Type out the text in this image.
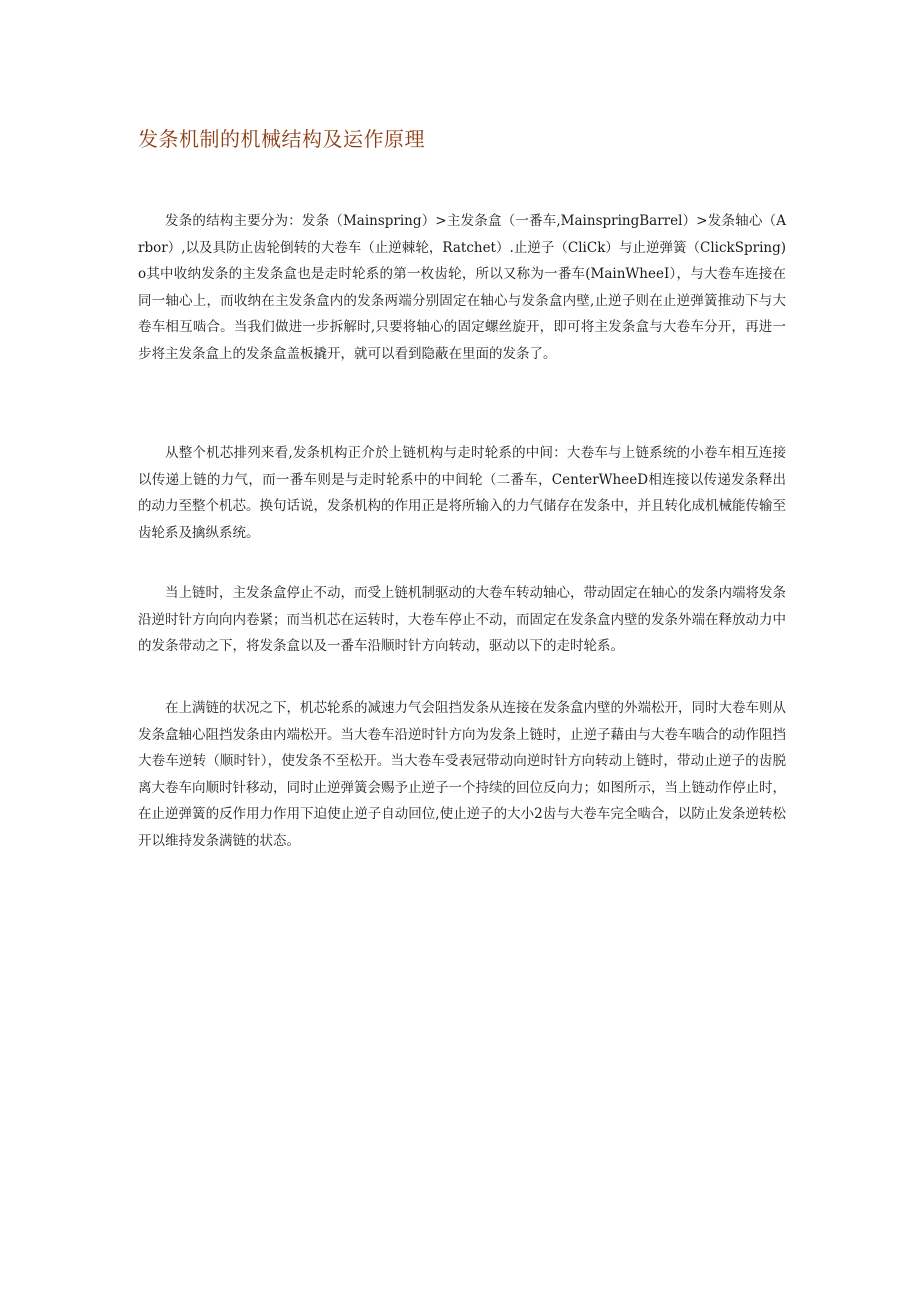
发条机制的机械结构及运作原理

发条的结构主要分为：发条（Mainspring）>主发条盒（一番车,MainspringBarrel）>发条轴心（Arbor）,以及具防止齿轮倒转的大卷车（止逆棘轮，Ratchet）.止逆子（CliCk）与止逆弹簧（ClickSpring)o其中收纳发条的主发条盒也是走时轮系的第一枚齿轮，所以又称为一番车(MainWheeI），与大卷车连接在同一轴心上，而收纳在主发条盒内的发条两端分别固定在轴心与发条盒内壁,止逆子则在止逆弹簧推动下与大卷车相互啮合。当我们做进一步拆解时,只要将轴心的固定螺丝旋开，即可将主发条盒与大卷车分开，再进一步将主发条盒上的发条盒盖板撬开，就可以看到隐蔽在里面的发条了。

从整个机芯排列来看,发条机构正介於上链机构与走时轮系的中间：大卷车与上链系统的小卷车相互连接以传递上链的力气，而一番车则是与走时轮系中的中间轮（二番车，CenterWheeD相连接以传递发条释出的动力至整个机芯。换句话说，发条机构的作用正是将所输入的力气储存在发条中，并且转化成机械能传输至齿轮系及擒纵系统。

当上链时，主发条盒停止不动，而受上链机制驱动的大卷车转动轴心，带动固定在轴心的发条内端将发条沿逆时针方向向内卷紧；而当机芯在运转时，大卷车停止不动，而固定在发条盒内壁的发条外端在释放动力中的发条带动之下，将发条盒以及一番车沿顺时针方向转动，驱动以下的走时轮系。

在上满链的状况之下，机芯轮系的减速力气会阻挡发条从连接在发条盒内壁的外端松开，同时大卷车则从发条盒轴心阻挡发条由内端松开。当大卷车沿逆时针方向为发条上链时，止逆子藉由与大卷车啮合的动作阻挡大卷车逆转（顺时针），使发条不至松开。当大卷车受表冠带动向逆时针方向转动上链时，带动止逆子的齿脱离大卷车向顺时针移动，同时止逆弹簧会赐予止逆子一个持续的回位反向力；如图所示，当上链动作停止时，在止逆弹簧的反作用力作用下迫使止逆子自动回位,使止逆子的大小2齿与大卷车完全啮合，以防止发条逆转松开以维持发条满链的状态。
